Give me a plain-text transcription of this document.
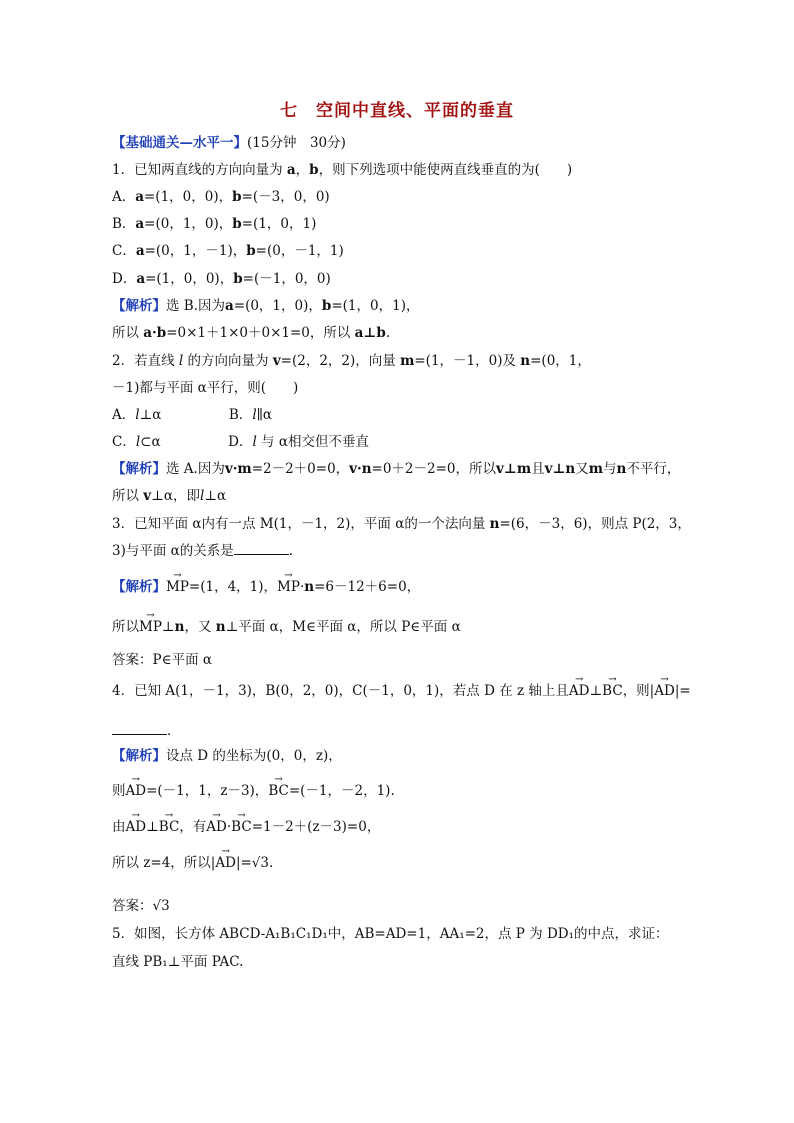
七　空间中直线、平面的垂直
【基础通关—水平一】(15分钟　30分)
1．已知两直线的方向向量为 a，b，则下列选项中能使两直线垂直的为(　　)
A．a=(1，0，0)，b=(－3，0，0)
B．a=(0，1，0)，b=(1，0，1)
C．a=(0，1，－1)，b=(0，－1，1)
D．a=(1，0，0)，b=(－1，0，0)
【解析】选 B.因为a=(0，1，0)，b=(1，0，1)，
所以 a·b=0×1＋1×0＋0×1=0，所以 a⊥b.
2．若直线 l 的方向向量为 v=(2，2，2)，向量 m=(1，－1，0)及 n=(0，1，
－1)都与平面 α平行，则(　　)
A．l⊥α　　　　　B．l∥α
C．l⊂α　　　　　D．l 与 α相交但不垂直
【解析】选 A.因为v·m=2－2＋0=0，v·n=0＋2－2=0，所以v⊥m且v⊥n又m与n不平行，
所以 v⊥α，即l⊥α
3．已知平面 α内有一点 M(1，－1，2)，平面 α的一个法向量 n=(6，－3，6)，则点 P(2，3，
3)与平面 α的关系是	．
【解析】→ MP=(1，4，1)，→ MP·n=6－12＋6=0，
所以→ MP⊥n，又 n⊥平面 α，M∈平面 α，所以 P∈平面 α
答案：P∈平面 α
4．已知 A(1，－1，3)，B(0，2，0)，C(－1，0，1)，若点 D 在 z 轴上且→ AD⊥→ BC，则|→ AD|=
．
【解析】设点 D 的坐标为(0，0，z)，
则→ AD=(－1，1，z－3)，→ BC=(－1，－2，1).
由→ AD⊥→ BC，有→ AD·→ BC=1－2＋(z－3)=0，
所以 z=4，所以|→ AD|=√3.
答案：√3
5．如图，长方体 ABCD-A₁B₁C₁D₁中，AB=AD=1，AA₁=2，点 P 为 DD₁的中点，求证：
直线 PB₁⊥平面 PAC.
